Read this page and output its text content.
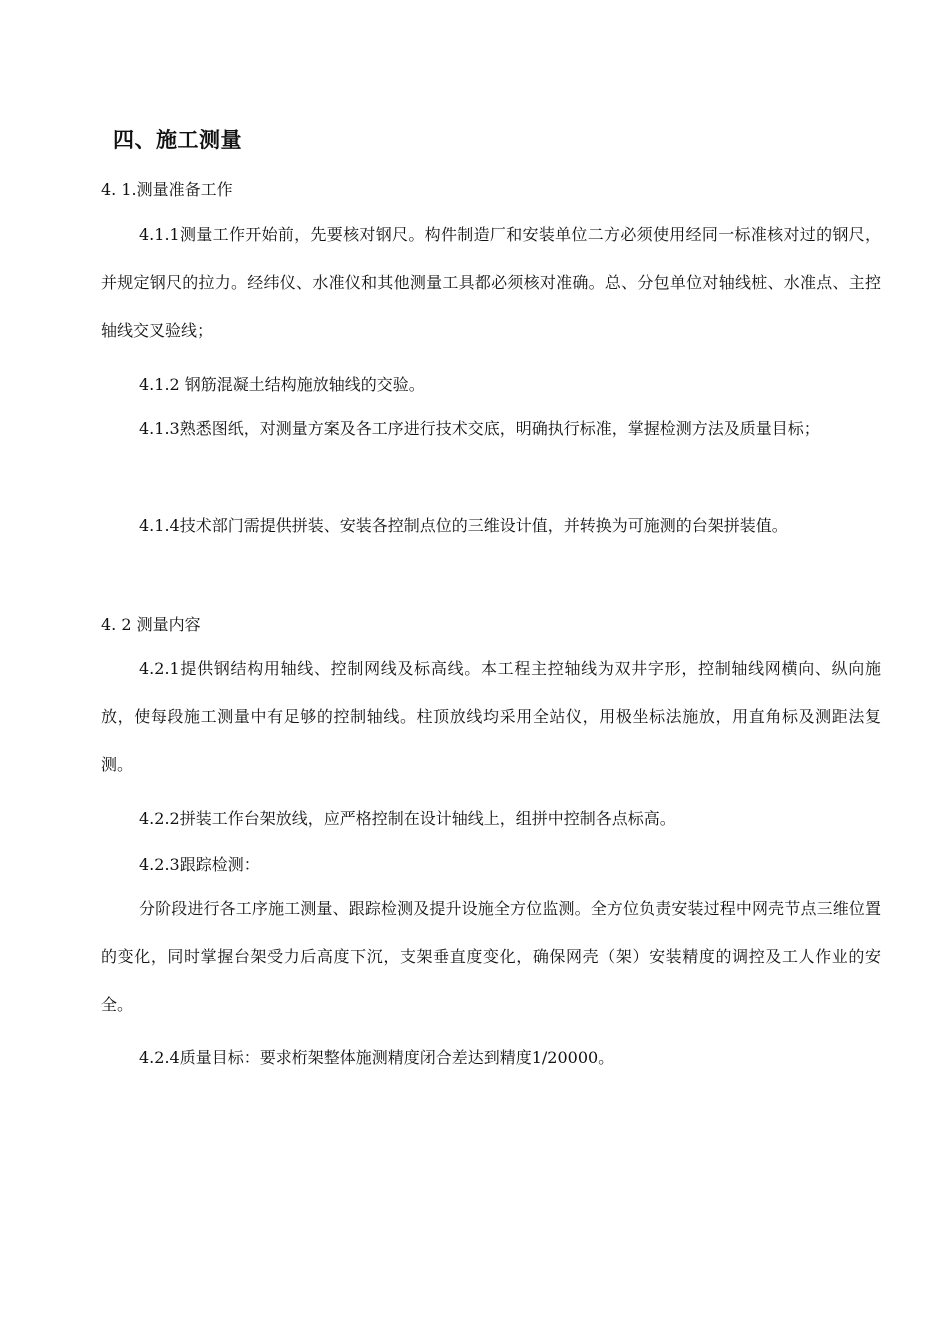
四、施工测量
4. 1.测量准备工作
4.1.1测量工作开始前，先要核对钢尺。构件制造厂和安装单位二方必须使用经同一标准核对过的钢尺，并规定钢尺的拉力。经纬仪、水准仪和其他测量工具都必须核对准确。总、分包单位对轴线桩、水准点、主控轴线交叉验线；
4.1.2 钢筋混凝土结构施放轴线的交验。
4.1.3熟悉图纸，对测量方案及各工序进行技术交底，明确执行标准，掌握检测方法及质量目标；
4.1.4技术部门需提供拼装、安装各控制点位的三维设计值，并转换为可施测的台架拼装值。
4. 2 测量内容
4.2.1提供钢结构用轴线、控制网线及标高线。本工程主控轴线为双井字形，控制轴线网横向、纵向施放，使每段施工测量中有足够的控制轴线。柱顶放线均采用全站仪，用极坐标法施放，用直角标及测距法复测。
4.2.2拼装工作台架放线，应严格控制在设计轴线上，组拼中控制各点标高。
4.2.3跟踪检测：
分阶段进行各工序施工测量、跟踪检测及提升设施全方位监测。全方位负责安装过程中网壳节点三维位置的变化，同时掌握台架受力后高度下沉，支架垂直度变化，确保网壳（架）安装精度的调控及工人作业的安全。
4.2.4质量目标：要求桁架整体施测精度闭合差达到精度1/20000。
